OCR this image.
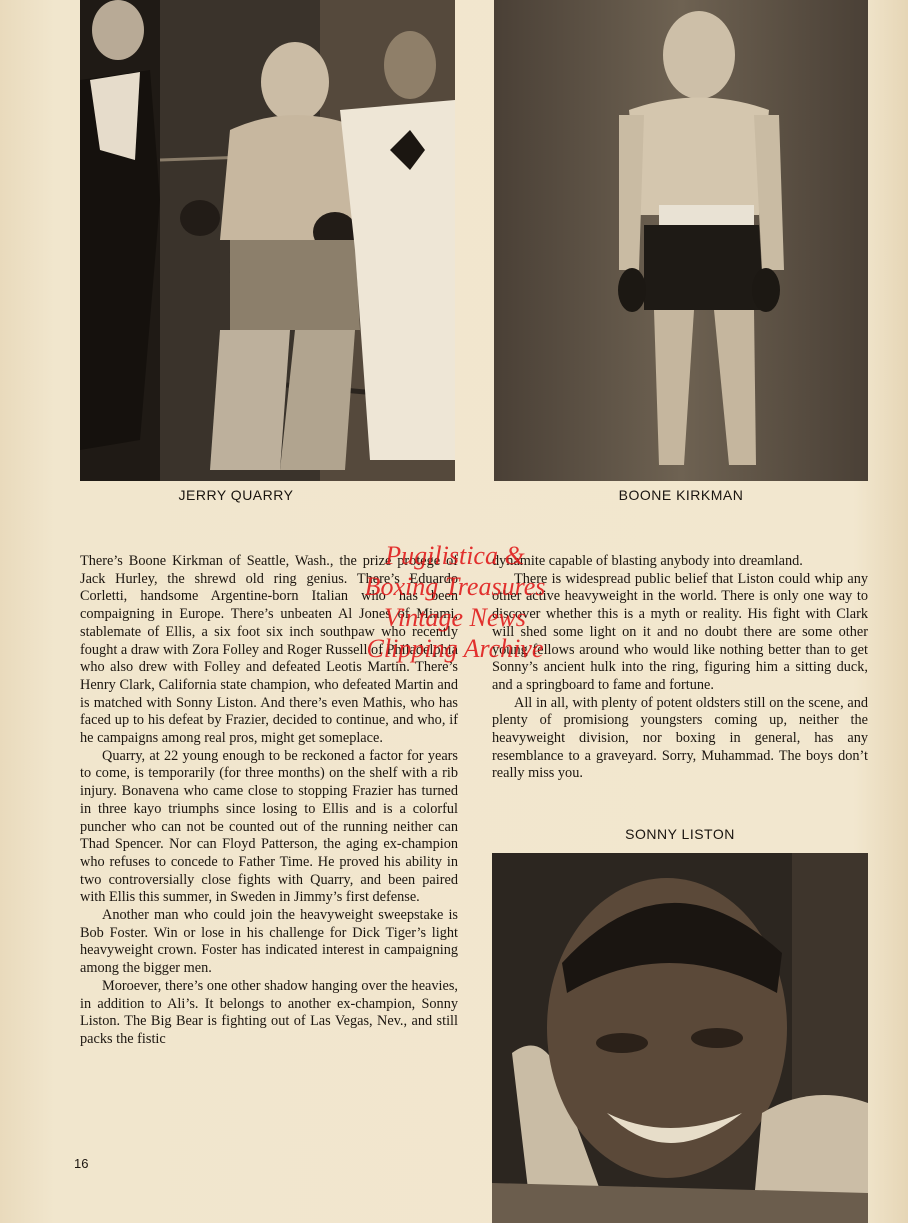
JERRY QUARRY	BOONE KIRKMAN

There’s Boone Kirkman of Seattle, Wash., the prize protege of Jack Hurley, the shrewd old ring genius. There’s Eduardo Corletti, handsome Argentine-born Italian who has been compaigning in Europe. There’s unbeaten Al Jones of Miami, stablemate of Ellis, a six foot six inch southpaw who recently fought a draw with Zora Folley and Roger Russell of Philadelphia who also drew with Folley and defeated Leotis Martin. There’s Henry Clark, California state champion, who defeated Martin and is matched with Sonny Liston. And there’s even Mathis, who has faced up to his defeat by Frazier, decided to continue, and who, if he campaigns among real pros, might get someplace.

Quarry, at 22 young enough to be reckoned a factor for years to come, is temporarily (for three months) on the shelf with a rib injury. Bonavena who came close to stopping Frazier has turned in three kayo triumphs since losing to Ellis and is a colorful puncher who can not be counted out of the running neither can Thad Spencer. Nor can Floyd Patterson, the aging ex-champion who refuses to concede to Father Time. He proved his ability in two controversially close fights with Quarry, and been paired with Ellis this summer, in Sweden in Jimmy’s first defense.

Another man who could join the heavyweight sweepstake is Bob Foster. Win or lose in his challenge for Dick Tiger’s light heavyweight crown. Foster has indicated interest in campaigning among the bigger men.

Moroever, there’s one other shadow hanging over the heavies, in addition to Ali’s. It belongs to another ex-champion, Sonny Liston. The Big Bear is fighting out of Las Vegas, Nev., and still packs the fistic

dynamite capable of blasting anybody into dreamland.

There is widespread public belief that Liston could whip any other active heavyweight in the world. There is only one way to discover whether this is a myth or reality. His fight with Clark will shed some light on it and no doubt there are some other young fellows around who would like nothing better than to get Sonny’s ancient hulk into the ring, figuring him a sitting duck, and a springboard to fame and fortune.

All in all, with plenty of potent oldsters still on the scene, and plenty of promisiong youngsters coming up, neither the heavyweight division, nor boxing in general, has any resemblance to a graveyard. Sorry, Muhammad. The boys don’t really miss you.

SONNY LISTON
16
Pugilistica &
Boxing Treasures
Vintage News
Clipping Archive
